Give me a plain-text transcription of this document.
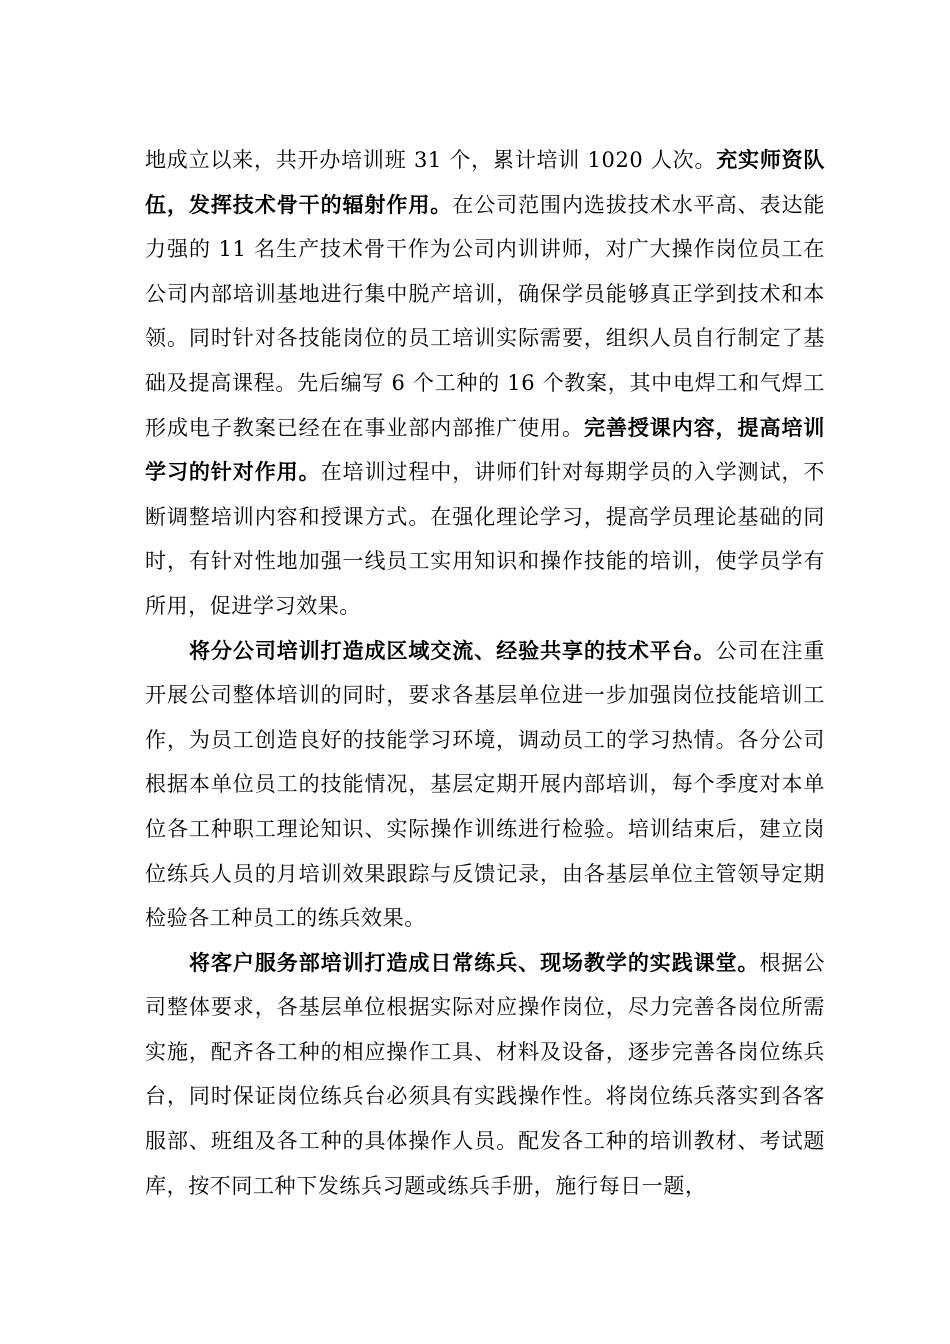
地成立以来，共开办培训班 31 个，累计培训 1020 人次。充实师资队伍，发挥技术骨干的辐射作用。在公司范围内选拔技术水平高、表达能力强的 11 名生产技术骨干作为公司内训讲师，对广大操作岗位员工在公司内部培训基地进行集中脱产培训，确保学员能够真正学到技术和本领。同时针对各技能岗位的员工培训实际需要，组织人员自行制定了基础及提高课程。先后编写 6 个工种的 16 个教案，其中电焊工和气焊工形成电子教案已经在在事业部内部推广使用。完善授课内容，提高培训学习的针对作用。在培训过程中，讲师们针对每期学员的入学测试，不断调整培训内容和授课方式。在强化理论学习，提高学员理论基础的同时，有针对性地加强一线员工实用知识和操作技能的培训，使学员学有所用，促进学习效果。

将分公司培训打造成区域交流、经验共享的技术平台。公司在注重开展公司整体培训的同时，要求各基层单位进一步加强岗位技能培训工作，为员工创造良好的技能学习环境，调动员工的学习热情。各分公司根据本单位员工的技能情况，基层定期开展内部培训，每个季度对本单位各工种职工理论知识、实际操作训练进行检验。培训结束后，建立岗位练兵人员的月培训效果跟踪与反馈记录，由各基层单位主管领导定期检验各工种员工的练兵效果。

将客户服务部培训打造成日常练兵、现场教学的实践课堂。根据公司整体要求，各基层单位根据实际对应操作岗位，尽力完善各岗位所需实施，配齐各工种的相应操作工具、材料及设备，逐步完善各岗位练兵台，同时保证岗位练兵台必须具有实践操作性。将岗位练兵落实到各客服部、班组及各工种的具体操作人员。配发各工种的培训教材、考试题库，按不同工种下发练兵习题或练兵手册，施行每日一题，
